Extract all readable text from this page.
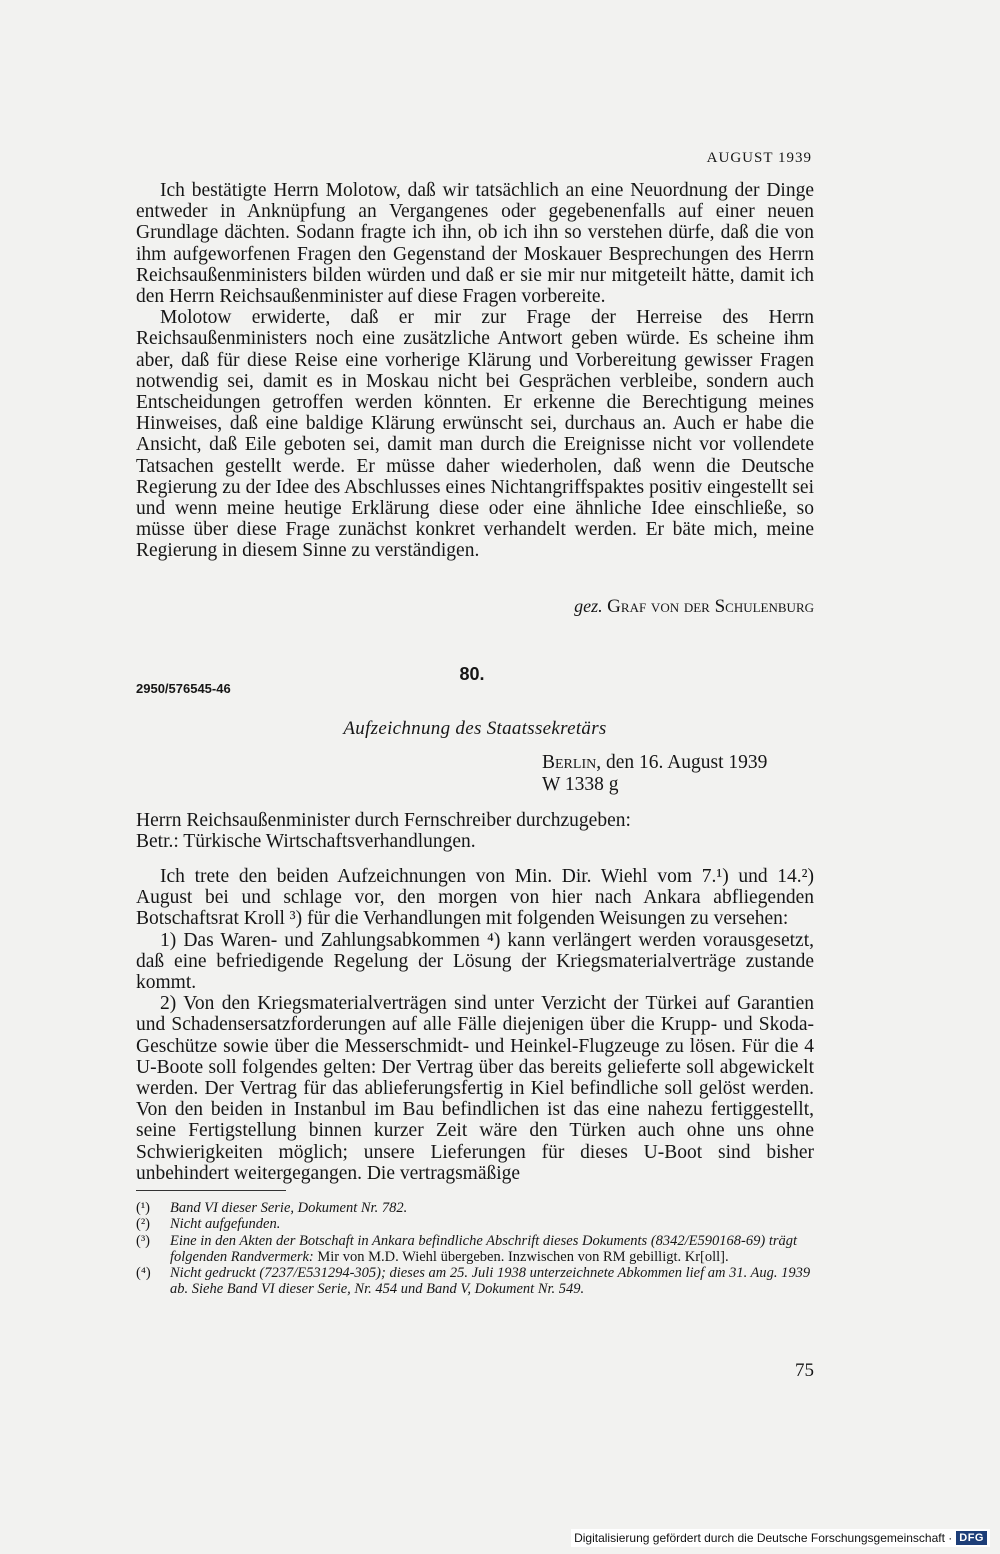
AUGUST 1939

Ich bestätigte Herrn Molotow, daß wir tatsächlich an eine Neuordnung der Dinge entweder in Anknüpfung an Vergangenes oder gegebenenfalls auf einer neuen Grundlage dächten. Sodann fragte ich ihn, ob ich ihn so verstehen dürfe, daß die von ihm aufgeworfenen Fragen den Gegenstand der Moskauer Besprechungen des Herrn Reichsaußenministers bilden würden und daß er sie mir nur mitgeteilt hätte, damit ich den Herrn Reichsaußenminister auf diese Fragen vorbereite.

Molotow erwiderte, daß er mir zur Frage der Herreise des Herrn Reichsaußenministers noch eine zusätzliche Antwort geben würde. Es scheine ihm aber, daß für diese Reise eine vorherige Klärung und Vorbereitung gewisser Fragen notwendig sei, damit es in Moskau nicht bei Gesprächen verbleibe, sondern auch Entscheidungen getroffen werden könnten. Er erkenne die Berechtigung meines Hinweises, daß eine baldige Klärung erwünscht sei, durchaus an. Auch er habe die Ansicht, daß Eile geboten sei, damit man durch die Ereignisse nicht vor vollendete Tatsachen gestellt werde. Er müsse daher wiederholen, daß wenn die Deutsche Regierung zu der Idee des Abschlusses eines Nichtangriffspaktes positiv eingestellt sei und wenn meine heutige Erklärung diese oder eine ähnliche Idee einschließe, so müsse über diese Frage zunächst konkret verhandelt werden. Er bäte mich, meine Regierung in diesem Sinne zu verständigen.

gez. Graf von der Schulenburg
80.
2950/576545-46
Aufzeichnung des Staatssekretärs
Berlin, den 16. August 1939
W 1338 g

Herrn Reichsaußenminister durch Fernschreiber durchzugeben:

Betr.: Türkische Wirtschaftsverhandlungen.

Ich trete den beiden Aufzeichnungen von Min. Dir. Wiehl vom 7.¹) und 14.²) August bei und schlage vor, den morgen von hier nach Ankara abfliegenden Botschaftsrat Kroll ³) für die Verhandlungen mit folgenden Weisungen zu versehen:

1) Das Waren- und Zahlungsabkommen ⁴) kann verlängert werden vorausgesetzt, daß eine befriedigende Regelung der Lösung der Kriegsmaterialverträge zustande kommt.

2) Von den Kriegsmaterialverträgen sind unter Verzicht der Türkei auf Garantien und Schadensersatzforderungen auf alle Fälle diejenigen über die Krupp- und Skoda-Geschütze sowie über die Messerschmidt- und Heinkel-Flugzeuge zu lösen. Für die 4 U-Boote soll folgendes gelten: Der Vertrag über das bereits gelieferte soll abgewickelt werden. Der Vertrag für das ablieferungsfertig in Kiel befindliche soll gelöst werden. Von den beiden in Instanbul im Bau befindlichen ist das eine nahezu fertiggestellt, seine Fertigstellung binnen kurzer Zeit wäre den Türken auch ohne uns ohne Schwierigkeiten möglich; unsere Lieferungen für dieses U-Boot sind bisher unbehindert weitergegangen. Die vertragsmäßige

(¹)	Band VI dieser Serie, Dokument Nr. 782.
(²)	Nicht aufgefunden.
(³)	Eine in den Akten der Botschaft in Ankara befindliche Abschrift dieses Dokuments (8342/E590168-69) trägt folgenden Randvermerk: Mir von M.D. Wiehl übergeben. Inzwischen von RM gebilligt. Kr[oll].
(⁴)	Nicht gedruckt (7237/E531294-305); dieses am 25. Juli 1938 unterzeichnete Abkommen lief am 31. Aug. 1939 ab. Siehe Band VI dieser Serie, Nr. 454 und Band V, Dokument Nr. 549.
75
Digitalisierung gefördert durch die Deutsche Forschungsgemeinschaft · DFG
